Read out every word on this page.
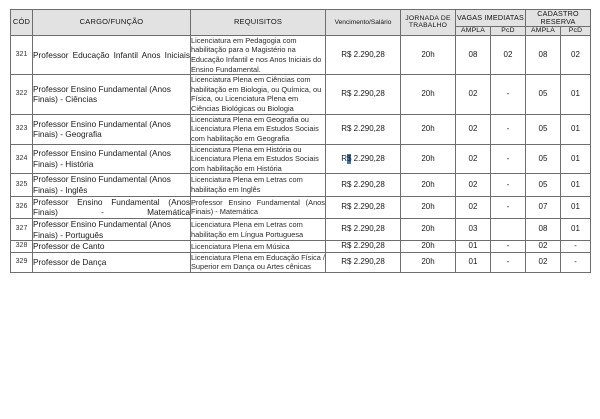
CÓD	CARGO/FUNÇÃO	REQUISITOS	Vencimento/Salário	JORNADA DE TRABALHO	VAGAS IMEDIATAS		CADASTRO RESERVA	
					AMPLA	PcD	AMPLA	PcD
321	Professor Educação Infantil Anos Iniciais	Licenciatura em Pedagogia com habilitação para o Magistério na Educação Infantil e nos Anos Iniciais do Ensino Fundamental.	R$ 2.290,28	20h	08	02	08	02
322	Professor Ensino Fundamental (Anos Finais) - Ciências	Licenciatura Plena em Ciências com habilitação em Biologia, ou Química, ou Física, ou Licenciatura Plena em Ciências Biológicas ou Biologia	R$ 2.290,28	20h	02	-	05	01
323	Professor Ensino Fundamental (Anos Finais) - Geografia	Licenciatura Plena em Geografia ou Licenciatura Plena em Estudos Sociais com habilitação em Geografia	R$ 2.290,28	20h	02	-	05	01
324	Professor Ensino Fundamental (Anos Finais) - História	Licenciatura Plena em História ou Licenciatura Plena em Estudos Sociais com habilitação em História	R$ 2.290,28	20h	02	-	05	01
325	Professor Ensino Fundamental (Anos Finais) - Inglês	Licenciatura Plena em Letras com habilitação em Inglês	R$ 2.290,28	20h	02	-	05	01
326	Professor Ensino Fundamental (Anos Finais) - Matemática	Professor Ensino Fundamental (Anos Finais) - Matemática	R$ 2.290,28	20h	02	-	07	01
327	Professor Ensino Fundamental (Anos Finais) - Português	Licenciatura Plena em Letras com habilitação em Língua Portuguesa	R$ 2.290,28	20h	03		08	01
328	Professor de Canto	Licenciatura Plena em Música	R$ 2.290,28	20h	01	-	02	-
329	Professor de Dança	Licenciatura Plena em Educação Física / Superior em Dança ou Artes cênicas	R$ 2.290,28	20h	01	-	02	-
